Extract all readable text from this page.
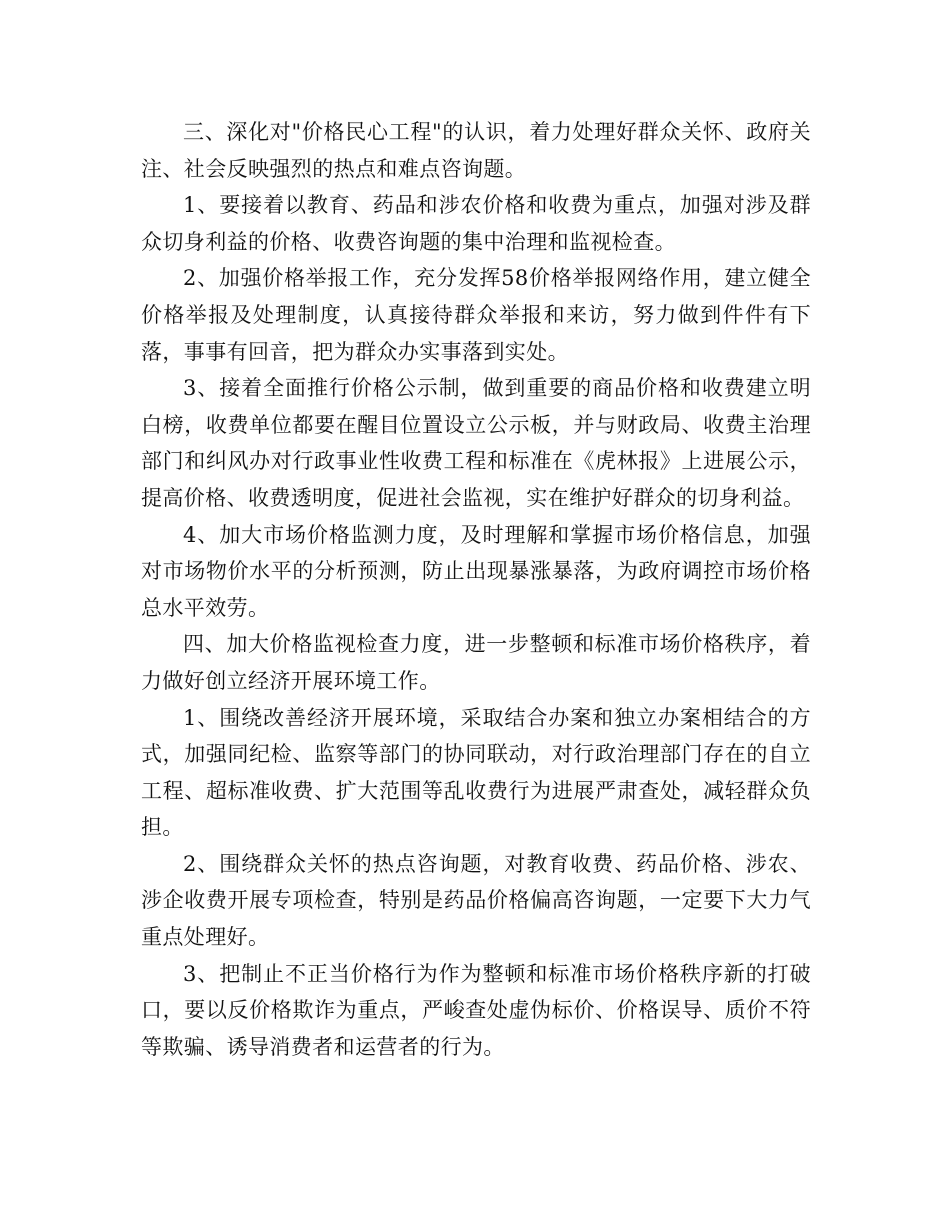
三、深化对"价格民心工程"的认识，着力处理好群众关怀、政府关注、社会反映强烈的热点和难点咨询题。

1、要接着以教育、药品和涉农价格和收费为重点，加强对涉及群众切身利益的价格、收费咨询题的集中治理和监视检查。

2、加强价格举报工作，充分发挥58价格举报网络作用，建立健全价格举报及处理制度，认真接待群众举报和来访，努力做到件件有下落，事事有回音，把为群众办实事落到实处。

3、接着全面推行价格公示制，做到重要的商品价格和收费建立明白榜，收费单位都要在醒目位置设立公示板，并与财政局、收费主治理部门和纠风办对行政事业性收费工程和标准在《虎林报》上进展公示，提高价格、收费透明度，促进社会监视，实在维护好群众的切身利益。

4、加大市场价格监测力度，及时理解和掌握市场价格信息，加强对市场物价水平的分析预测，防止出现暴涨暴落，为政府调控市场价格总水平效劳。

四、加大价格监视检查力度，进一步整顿和标准市场价格秩序，着力做好创立经济开展环境工作。

1、围绕改善经济开展环境，采取结合办案和独立办案相结合的方式，加强同纪检、监察等部门的协同联动，对行政治理部门存在的自立工程、超标准收费、扩大范围等乱收费行为进展严肃查处，减轻群众负担。

2、围绕群众关怀的热点咨询题，对教育收费、药品价格、涉农、涉企收费开展专项检查，特别是药品价格偏高咨询题，一定要下大力气重点处理好。

3、把制止不正当价格行为作为整顿和标准市场价格秩序新的打破口，要以反价格欺诈为重点，严峻查处虚伪标价、价格误导、质价不符等欺骗、诱导消费者和运营者的行为。
